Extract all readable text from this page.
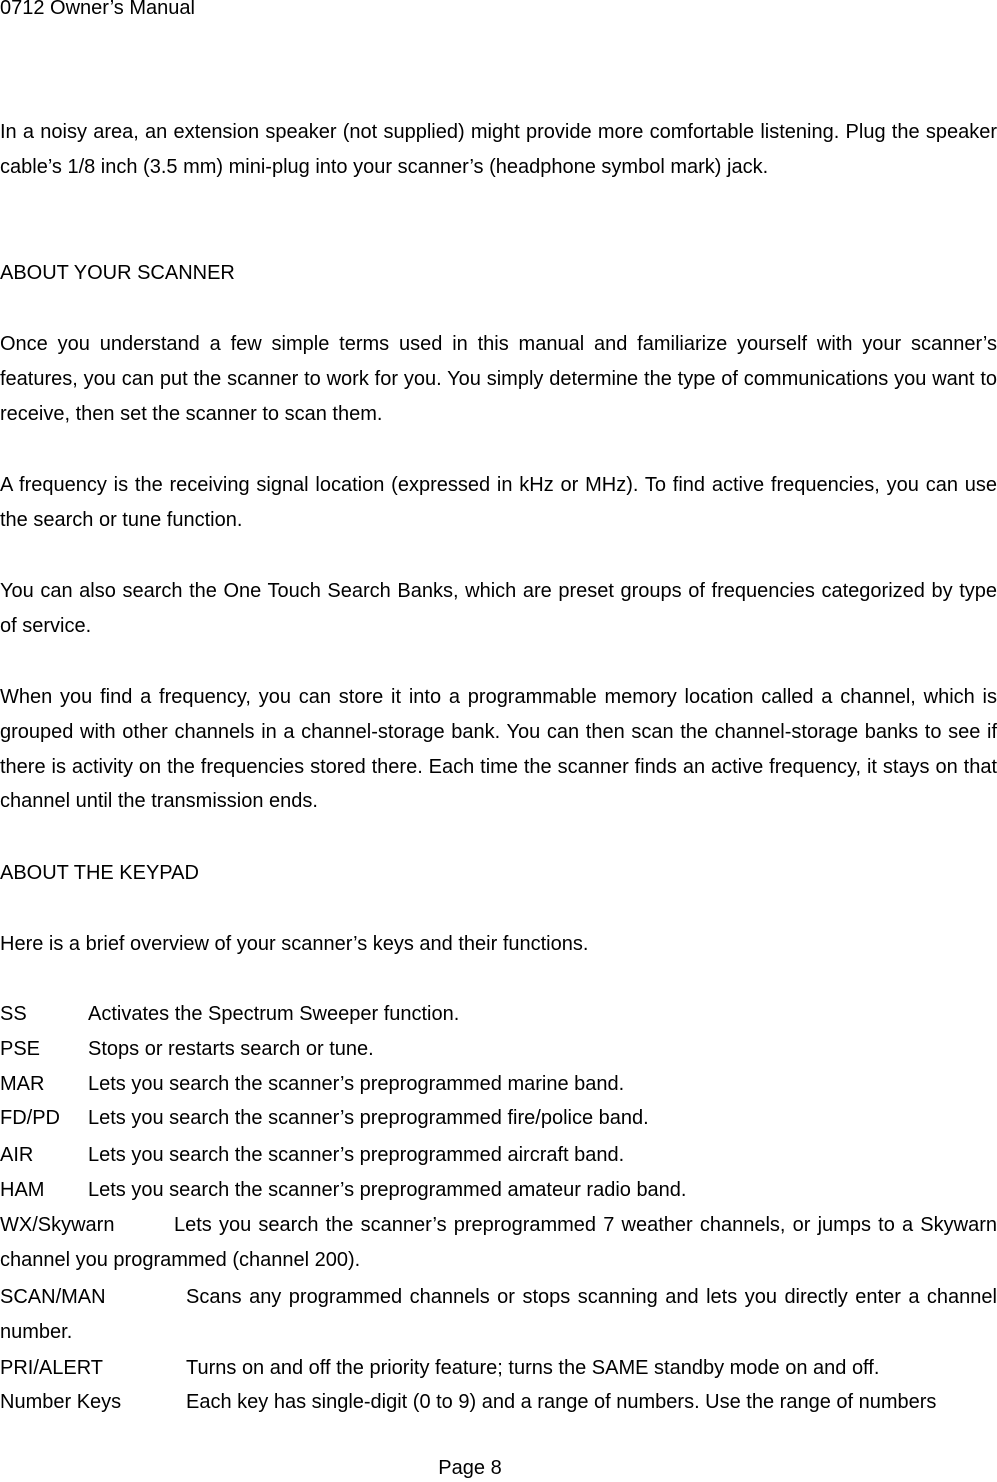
0712 Owner’s Manual
In a noisy area, an extension speaker (not supplied) might provide more comfortable listening. Plug the speaker cable’s 1/8 inch (3.5 mm) mini-plug into your scanner’s (headphone symbol mark) jack.
ABOUT YOUR SCANNER
Once you understand a few simple terms used in this manual and familiarize yourself with your scanner’s features, you can put the scanner to work for you. You simply determine the type of communications you want to receive, then set the scanner to scan them.
A frequency is the receiving signal location (expressed in kHz or MHz). To find active frequencies, you can use the search or tune function.
You can also search the One Touch Search Banks, which are preset groups of frequencies categorized by type of service.
When you find a frequency, you can store it into a programmable memory location called a channel, which is grouped with other channels in a channel-storage bank. You can then scan the channel-storage banks to see if there is activity on the frequencies stored there. Each time the scanner finds an active frequency, it stays on that channel until the transmission ends.
ABOUT THE KEYPAD
Here is a brief overview of your scanner’s keys and their functions.
SS	Activates the Spectrum Sweeper function.
PSE Stops or restarts search or tune.
MAR Lets you search the scanner’s preprogrammed marine band.
FD/PD Lets you search the scanner’s preprogrammed fire/police band.
AIR	Lets you search the scanner’s preprogrammed aircraft band.
HAM Lets you search the scanner’s preprogrammed amateur radio band.
WX/Skywarn	Lets you search the scanner’s preprogrammed 7 weather channels, or jumps to a Skywarn channel you programmed (channel 200).
SCAN/MAN	Scans any programmed channels or stops scanning and lets you directly enter a channel number.
PRI/ALERT	Turns on and off the priority feature; turns the SAME standby mode on and off.
Number Keys	Each key has single-digit (0 to 9) and a range of numbers. Use the range of numbers
Page 8
